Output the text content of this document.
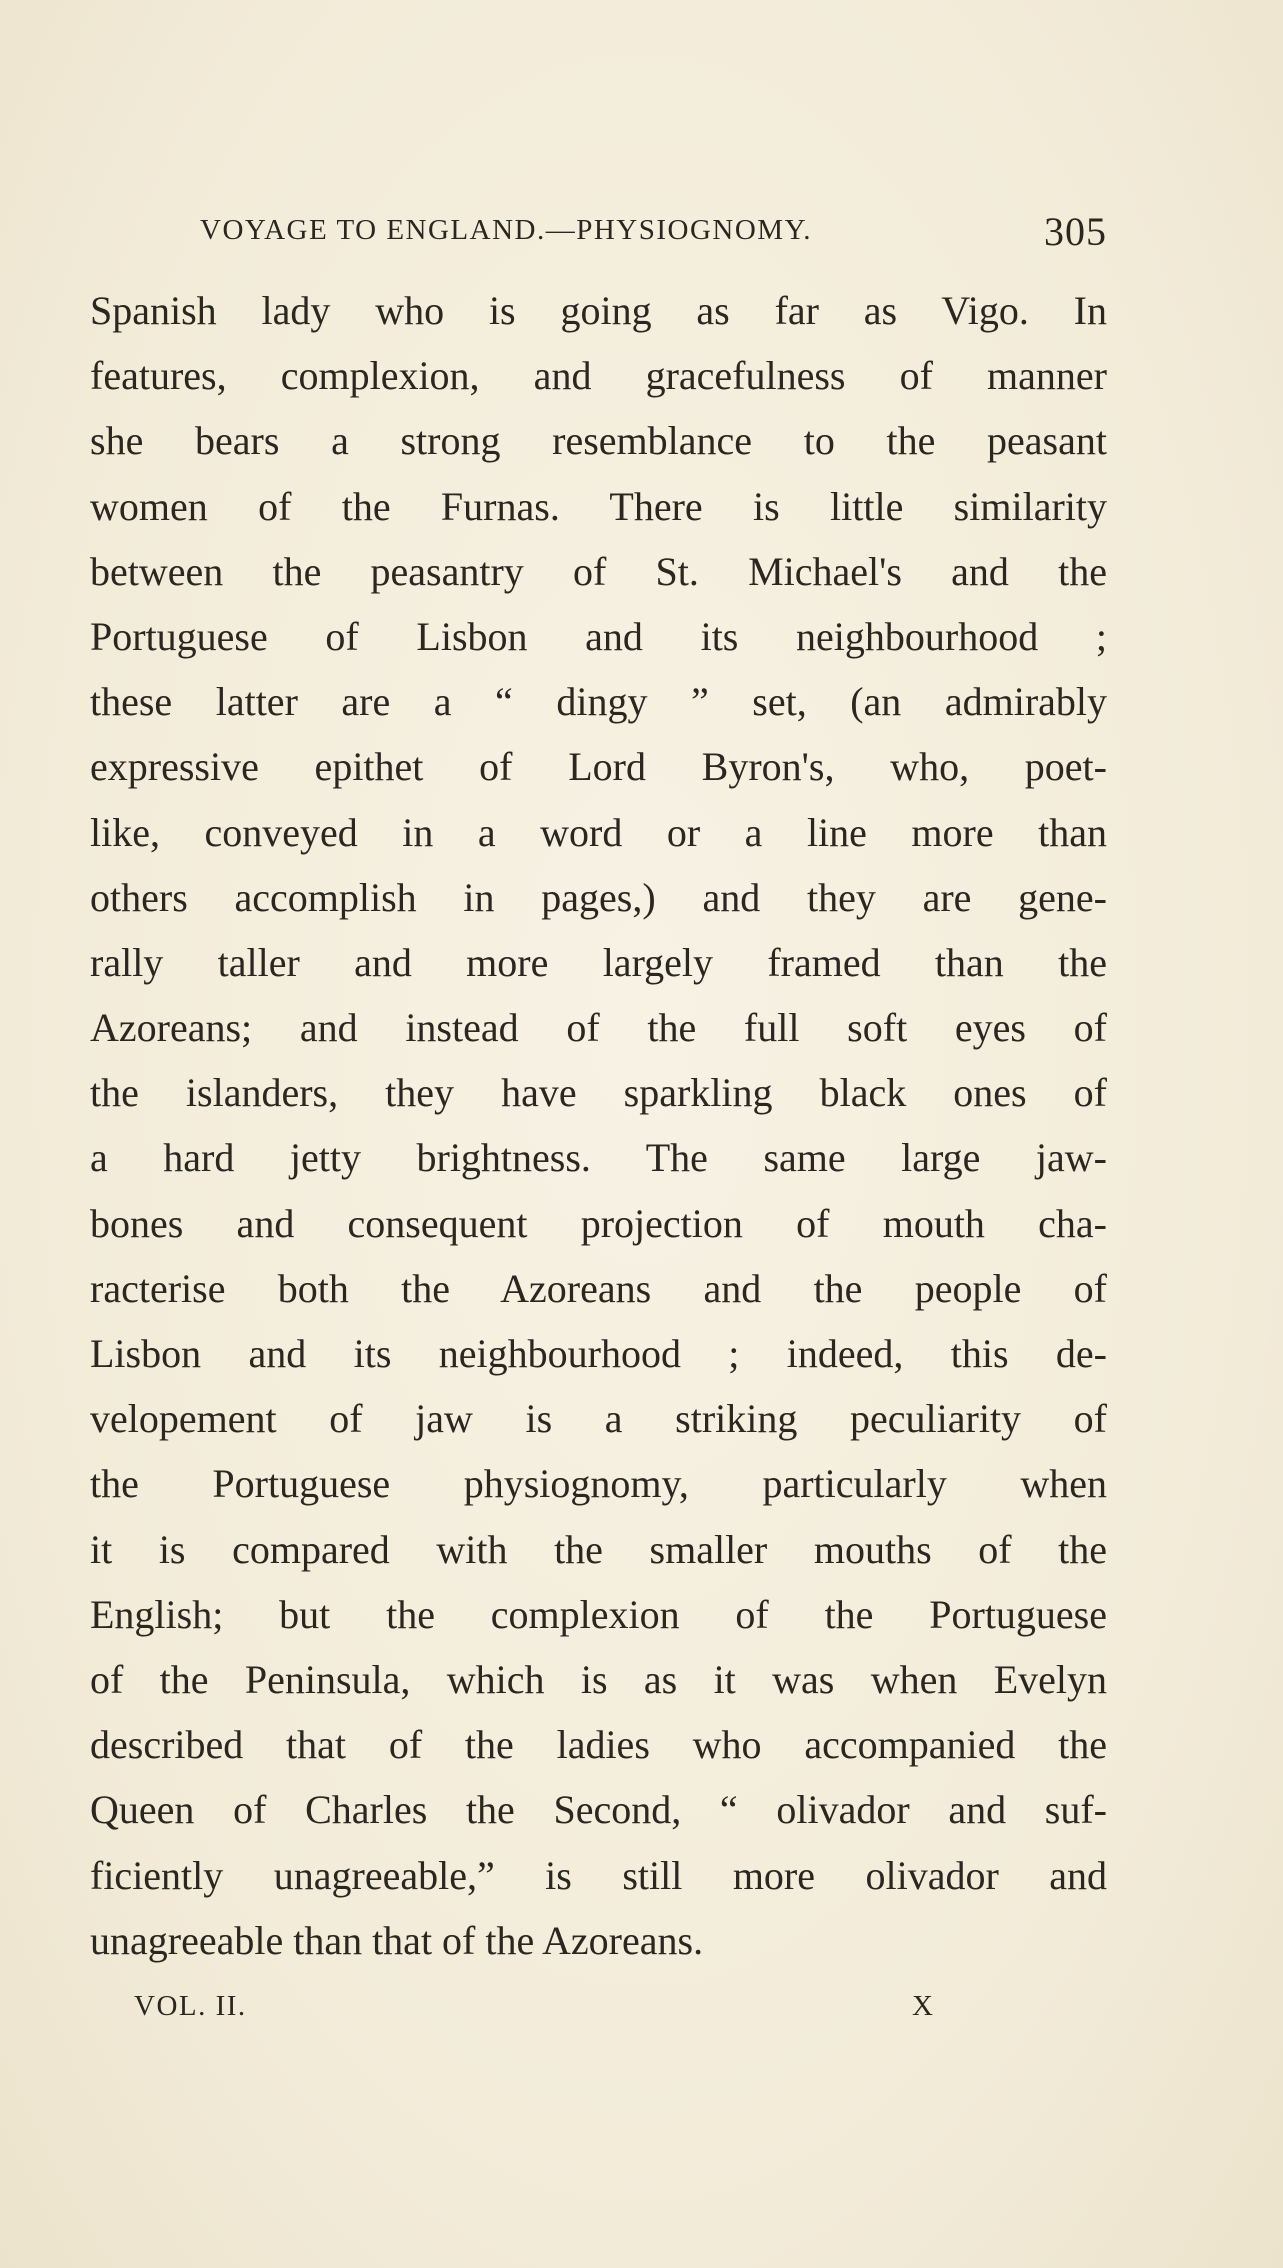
VOYAGE TO ENGLAND.—PHYSIOGNOMY.	305
Spanish lady who is going as far as Vigo. In
features, complexion, and gracefulness of manner
she bears a strong resemblance to the peasant
women of the Furnas. There is little similarity
between the peasantry of St. Michael's and the
Portuguese of Lisbon and its neighbourhood ;
these latter are a “ dingy ” set, (an admirably
expressive epithet of Lord Byron's, who, poet-
like, conveyed in a word or a line more than
others accomplish in pages,) and they are gene-
rally taller and more largely framed than the
Azoreans; and instead of the full soft eyes of
the islanders, they have sparkling black ones of
a hard jetty brightness. The same large jaw-
bones and consequent projection of mouth cha-
racterise both the Azoreans and the people of
Lisbon and its neighbourhood ; indeed, this de-
velopement of jaw is a striking peculiarity of
the Portuguese physiognomy, particularly when
it is compared with the smaller mouths of the
English; but the complexion of the Portuguese
of the Peninsula, which is as it was when Evelyn
described that of the ladies who accompanied the
Queen of Charles the Second, “ olivador and suf-
ficiently unagreeable,” is still more olivador and
unagreeable than that of the Azoreans.
VOL. II.	X
